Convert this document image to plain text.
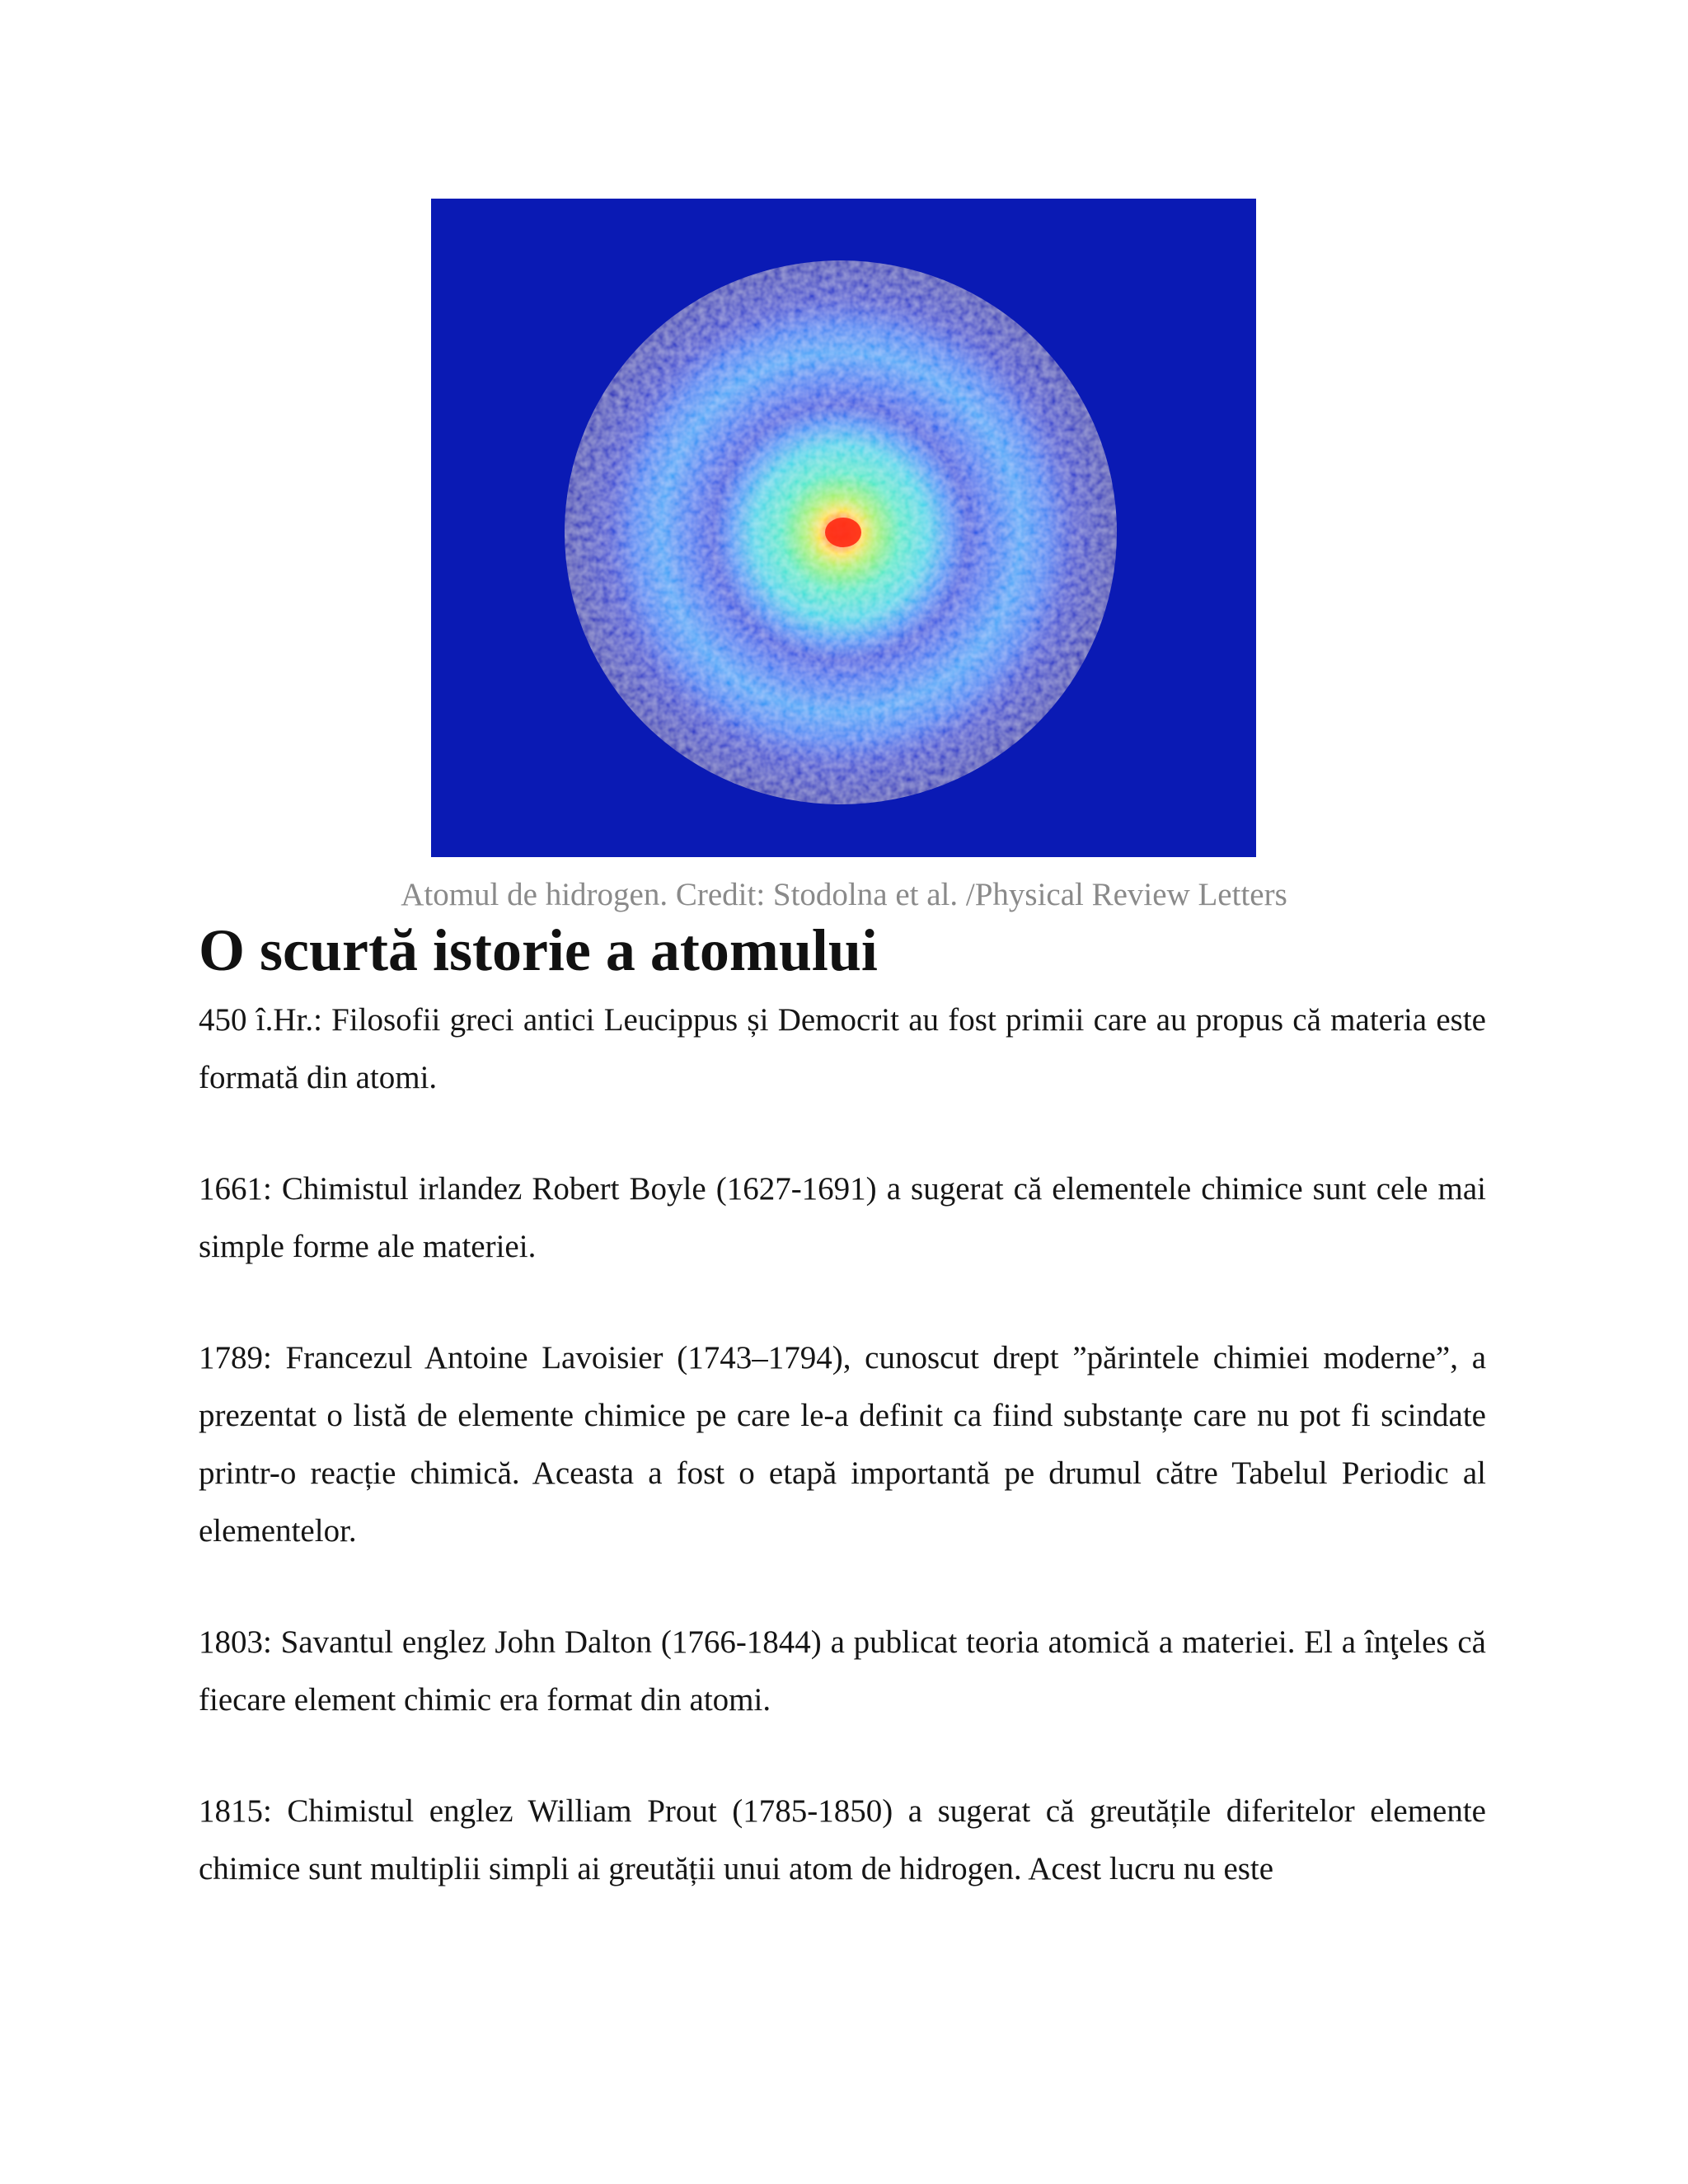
Atomul de hidrogen. Credit: Stodolna et al. /Physical Review Letters

O scurtă istorie a atomului

450 î.Hr.: Filosofii greci antici Leucippus și Democrit au fost primii care au propus că materia este formată din atomi.

1661: Chimistul irlandez Robert Boyle (1627-1691) a sugerat că elementele chimice sunt cele mai simple forme ale materiei.

1789: Francezul Antoine Lavoisier (1743–1794), cunoscut drept ”părintele chimiei moderne”, a prezentat o listă de elemente chimice pe care le-a definit ca fiind substanțe care nu pot fi scindate printr-o reacție chimică. Aceasta a fost o etapă importantă pe drumul către Tabelul Periodic al elementelor.

1803: Savantul englez John Dalton (1766-1844) a publicat teoria atomică a materiei. El a înţeles că fiecare element chimic era format din atomi.

1815: Chimistul englez William Prout (1785-1850) a sugerat că greutățile diferitelor elemente chimice sunt multiplii simpli ai greutății unui atom de hidrogen. Acest lucru nu este
